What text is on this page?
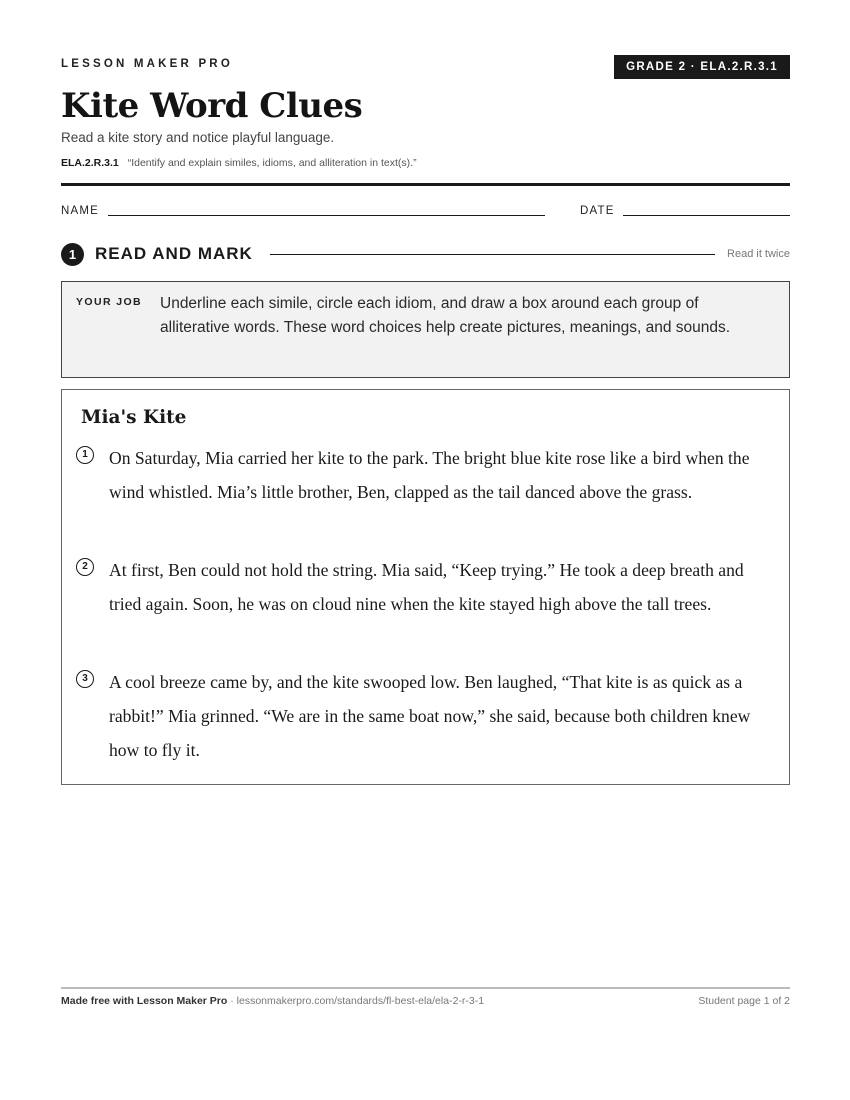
LESSON MAKER PRO	GRADE 2 · ELA.2.R.3.1
Kite Word Clues
Read a kite story and notice playful language.
ELA.2.R.3.1 “Identify and explain similes, idioms, and alliteration in text(s).”
NAME	DATE
1	READ AND MARK	Read it twice
YOUR JOB Underline each simile, circle each idiom, and draw a box around each group of alliterative words. These word choices help create pictures, meanings, and sounds.
Mia's Kite
1	On Saturday, Mia carried her kite to the park. The bright blue kite rose like a bird when the wind whistled. Mia’s little brother, Ben, clapped as the tail danced above the grass.
2	At first, Ben could not hold the string. Mia said, “Keep trying.” He took a deep breath and tried again. Soon, he was on cloud nine when the kite stayed high above the tall trees.
3	A cool breeze came by, and the kite swooped low. Ben laughed, “That kite is as quick as a rabbit!” Mia grinned. “We are in the same boat now,” she said, because both children knew how to fly it.
Made free with Lesson Maker Pro · lessonmakerpro.com/standards/fl-best-ela/ela-2-r-3-1	Student page 1 of 2
